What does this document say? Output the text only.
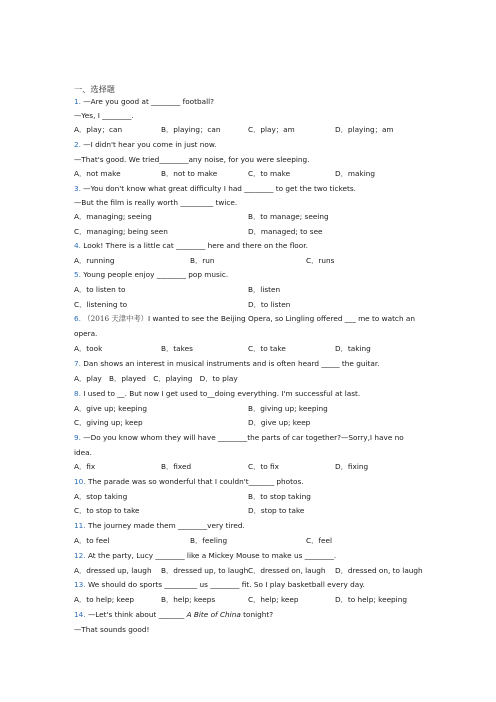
一、选择题
1. —Are you good at ________ football?
—Yes, I ________.
A．play；can	B．playing；can	C．play；am	D．playing；am
2. —I didn't hear you come in just now.
—That's good. We tried________any noise, for you were sleeping.
A．not make	B．not to make	C．to make	D．making
3. —You don't know what great difficulty I had ________ to get the two tickets.
—But the film is really worth _________ twice.
A．managing; seeing	B．to manage; seeing
C．managing; being seen	D．managed; to see
4. Look! There is a little cat ________ here and there on the floor.
A．running	B．run	C．runs
5. Young people enjoy ________ pop music.
A．to listen to	B．listen
C．listening to	D．to listen
6. （2016 天津中考）I wanted to see the Beijing Opera, so Lingling offered ___ me to watch an
opera.
A．took	B．takes	C．to take	D．taking
7. Dan shows an interest in musical instruments and is often heard _____ the guitar.
A．play　B．played　C．playing　D．to play
8. I used to __. But now I get used to__doing everything. I'm successful at last.
A．give up; keeping	B．giving up; keeping
C．giving up; keep	D．give up; keep
9. —Do you know whom they will have ________the parts of car together?—Sorry,I have no
idea.
A．fix	B．fixed	C．to fix	D．fixing
10. The parade was so wonderful that I couldn't_______ photos.
A．stop taking	B．to stop taking
C．to stop to take	D．stop to take
11. The journey made them ________very tired.
A．to feel	B．feeling	C．feel
12. At the party, Lucy ________ like a Mickey Mouse to make us ________.
A．dressed up, laugh B．dressed up, to laugh C．dressed on, laugh D．dressed on, to laugh
13. We should do sports _________ us ________ fit. So I play basketball every day.
A．to help; keep	B．help; keeps	C．help; keep	D．to help; keeping
14. —Let's think about _______ A Bite of China tonight?
—That sounds good!
